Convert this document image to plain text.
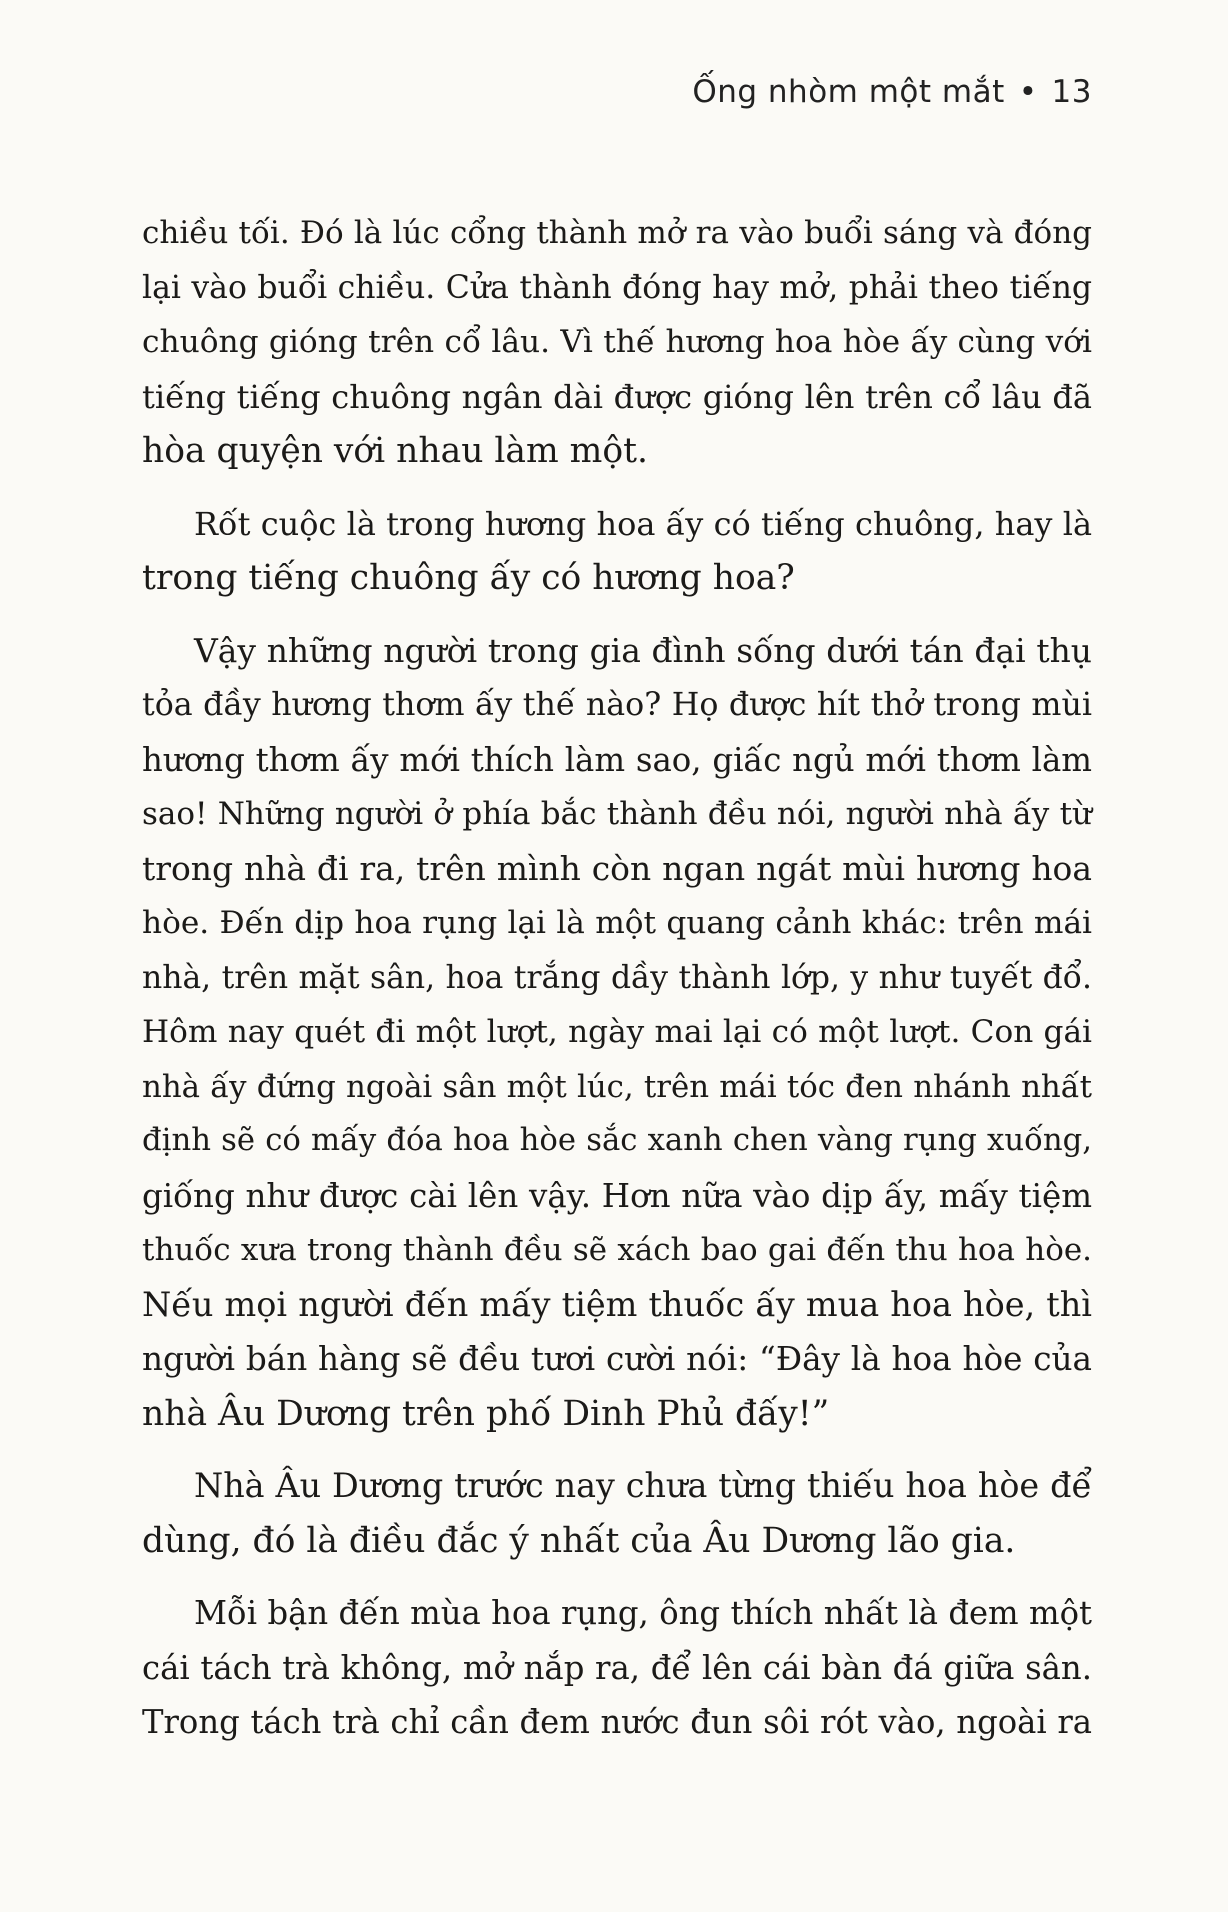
Ống nhòm một mắt • 13
chiều tối. Đó là lúc cổng thành mở ra vào buổi sáng và đóng
lại vào buổi chiều. Cửa thành đóng hay mở, phải theo tiếng
chuông gióng trên cổ lâu. Vì thế hương hoa hòe ấy cùng với
tiếng tiếng chuông ngân dài được gióng lên trên cổ lâu đã
hòa quyện với nhau làm một.
Rốt cuộc là trong hương hoa ấy có tiếng chuông, hay là
trong tiếng chuông ấy có hương hoa?
Vậy những người trong gia đình sống dưới tán đại thụ
tỏa đầy hương thơm ấy thế nào? Họ được hít thở trong mùi
hương thơm ấy mới thích làm sao, giấc ngủ mới thơm làm
sao! Những người ở phía bắc thành đều nói, người nhà ấy từ
trong nhà đi ra, trên mình còn ngan ngát mùi hương hoa
hòe. Đến dịp hoa rụng lại là một quang cảnh khác: trên mái
nhà, trên mặt sân, hoa trắng dầy thành lớp, y như tuyết đổ.
Hôm nay quét đi một lượt, ngày mai lại có một lượt. Con gái
nhà ấy đứng ngoài sân một lúc, trên mái tóc đen nhánh nhất
định sẽ có mấy đóa hoa hòe sắc xanh chen vàng rụng xuống,
giống như được cài lên vậy. Hơn nữa vào dịp ấy, mấy tiệm
thuốc xưa trong thành đều sẽ xách bao gai đến thu hoa hòe.
Nếu mọi người đến mấy tiệm thuốc ấy mua hoa hòe, thì
người bán hàng sẽ đều tươi cười nói: “Đây là hoa hòe của
nhà Âu Dương trên phố Dinh Phủ đấy!”
Nhà Âu Dương trước nay chưa từng thiếu hoa hòe để
dùng, đó là điều đắc ý nhất của Âu Dương lão gia.
Mỗi bận đến mùa hoa rụng, ông thích nhất là đem một
cái tách trà không, mở nắp ra, để lên cái bàn đá giữa sân.
Trong tách trà chỉ cần đem nước đun sôi rót vào, ngoài ra
